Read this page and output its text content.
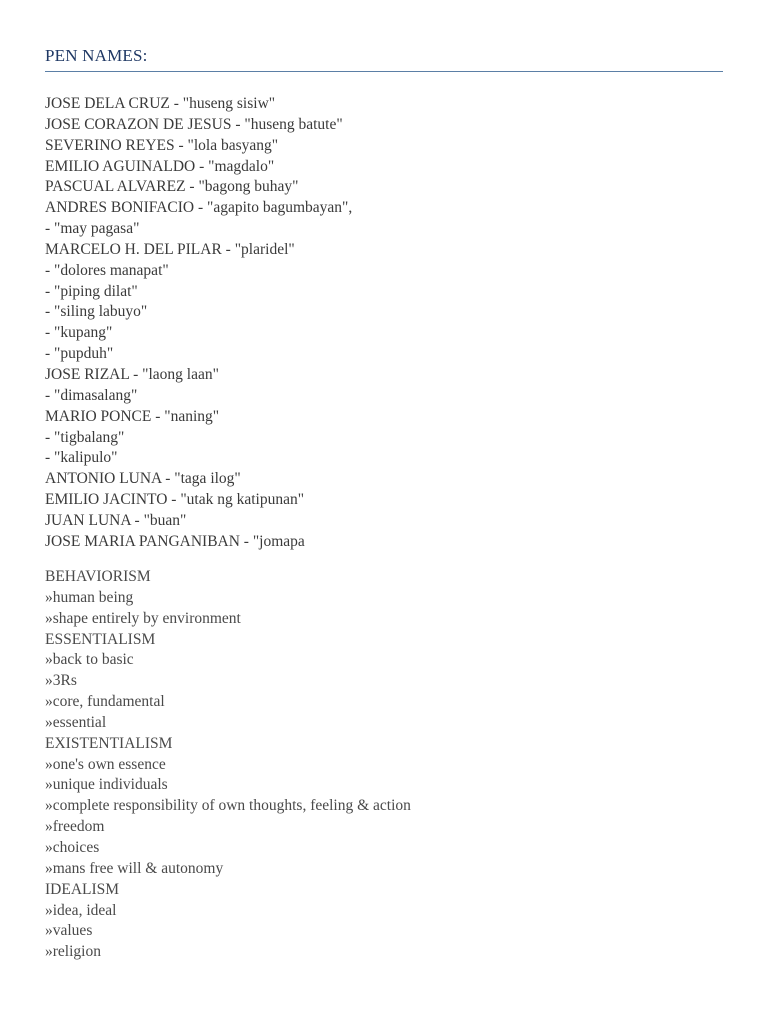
PEN NAMES:
JOSE DELA CRUZ - "huseng sisiw"
JOSE CORAZON DE JESUS - "huseng batute"
SEVERINO REYES - "lola basyang"
EMILIO AGUINALDO - "magdalo"
PASCUAL ALVAREZ - "bagong buhay"
ANDRES BONIFACIO - "agapito bagumbayan",
- "may pagasa"
MARCELO H. DEL PILAR - "plaridel"
- "dolores manapat"
- "piping dilat"
- "siling labuyo"
- "kupang"
- "pupduh"
JOSE RIZAL - "laong laan"
- "dimasalang"
MARIO PONCE - "naning"
- "tigbalang"
- "kalipulo"
ANTONIO LUNA - "taga ilog"
EMILIO JACINTO - "utak ng katipunan"
JUAN LUNA - "buan"
JOSE MARIA PANGANIBAN - "jomapa
BEHAVIORISM
»human being
»shape entirely by environment
ESSENTIALISM
»back to basic
»3Rs
»core, fundamental
»essential
EXISTENTIALISM
»one's own essence
»unique individuals
»complete responsibility of own thoughts, feeling & action
»freedom
»choices
»mans free will & autonomy
IDEALISM
»idea, ideal
»values
»religion
